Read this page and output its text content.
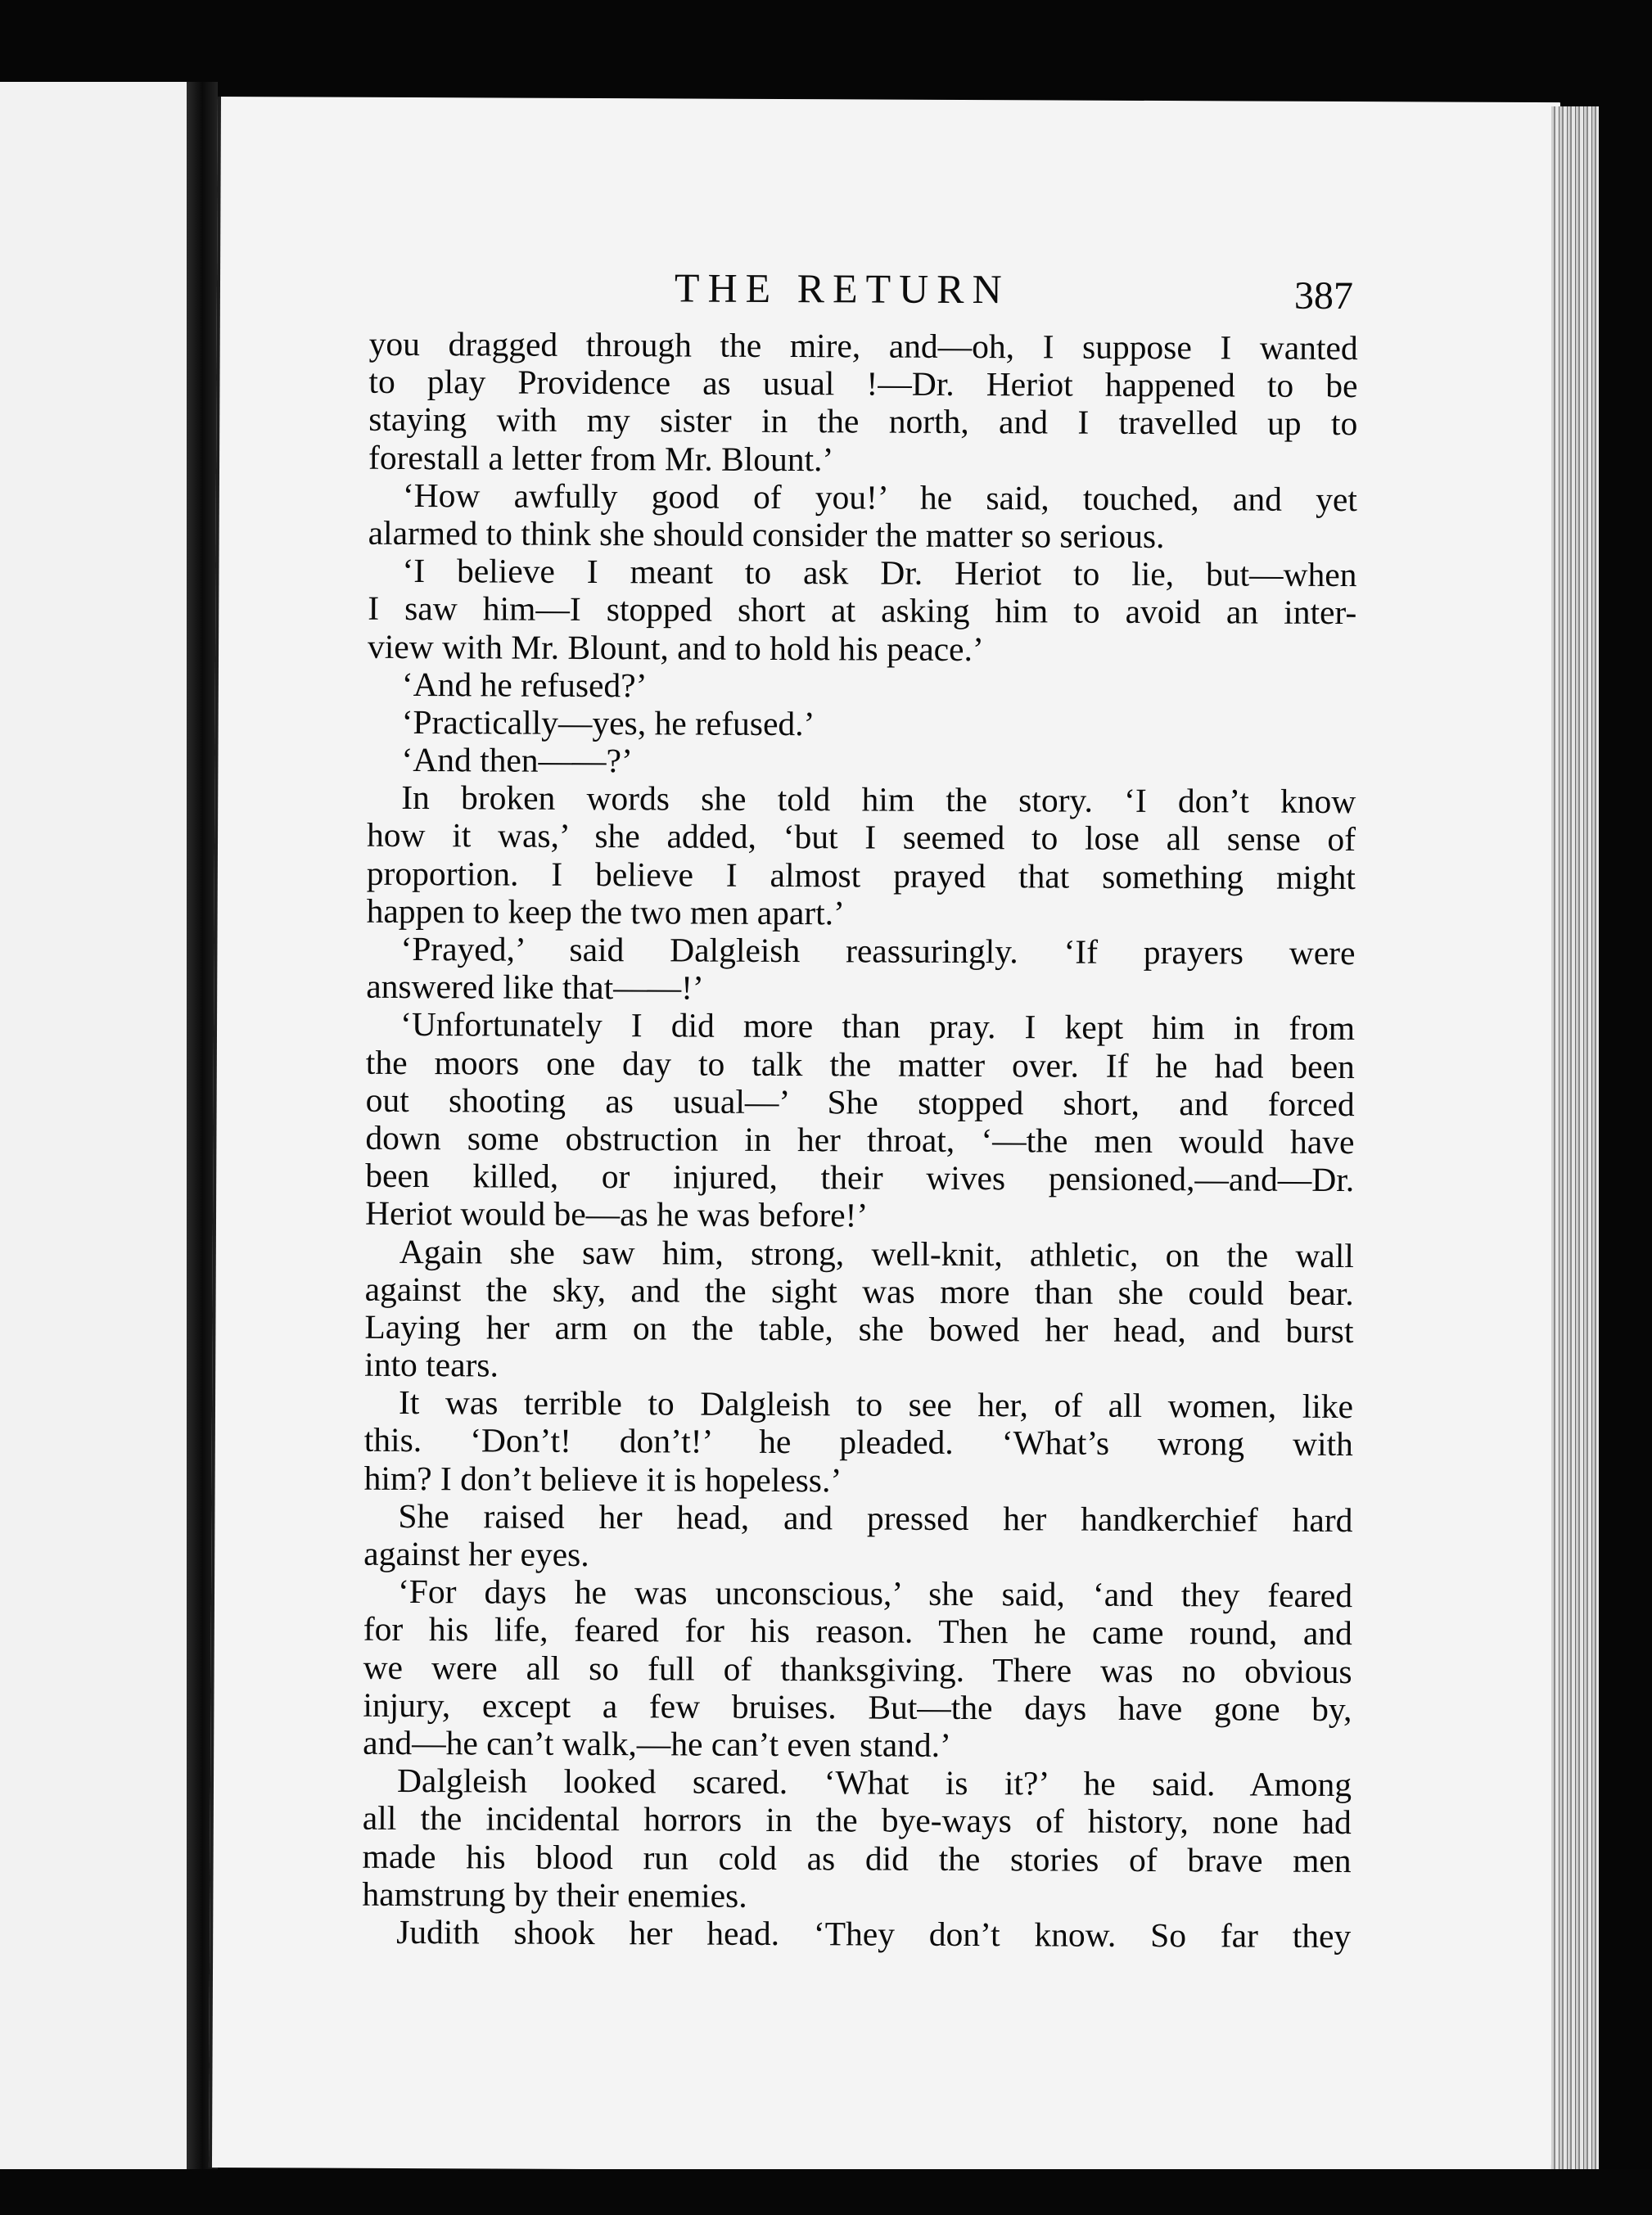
THE RETURN	387
you dragged through the mire, and—oh, I suppose I wanted
to play Providence as usual !—Dr. Heriot happened to be
staying with my sister in the north, and I travelled up to
forestall a letter from Mr. Blount.’
‘How awfully good of you!’ he said, touched, and yet
alarmed to think she should consider the matter so serious.
‘I believe I meant to ask Dr. Heriot to lie, but—when
I saw him—I stopped short at asking him to avoid an inter-
view with Mr. Blount, and to hold his peace.’
‘And he refused?’
‘Practically—yes, he refused.’
‘And then——?’
In broken words she told him the story. ‘I don’t know
how it was,’ she added, ‘but I seemed to lose all sense of
proportion. I believe I almost prayed that something might
happen to keep the two men apart.’
‘Prayed,’ said Dalgleish reassuringly. ‘If prayers were
answered like that——!’
‘Unfortunately I did more than pray. I kept him in from
the moors one day to talk the matter over. If he had been
out shooting as usual—’ She stopped short, and forced
down some obstruction in her throat, ‘—the men would have
been killed, or injured, their wives pensioned,—and—Dr.
Heriot would be—as he was before!’
Again she saw him, strong, well-knit, athletic, on the wall
against the sky, and the sight was more than she could bear.
Laying her arm on the table, she bowed her head, and burst
into tears.
It was terrible to Dalgleish to see her, of all women, like
this. ‘Don’t! don’t!’ he pleaded. ‘What’s wrong with
him? I don’t believe it is hopeless.’
She raised her head, and pressed her handkerchief hard
against her eyes.
‘For days he was unconscious,’ she said, ‘and they feared
for his life, feared for his reason. Then he came round, and
we were all so full of thanksgiving. There was no obvious
injury, except a few bruises. But—the days have gone by,
and—he can’t walk,—he can’t even stand.’
Dalgleish looked scared. ‘What is it?’ he said. Among
all the incidental horrors in the bye-ways of history, none had
made his blood run cold as did the stories of brave men
hamstrung by their enemies.
Judith shook her head. ‘They don’t know. So far they
